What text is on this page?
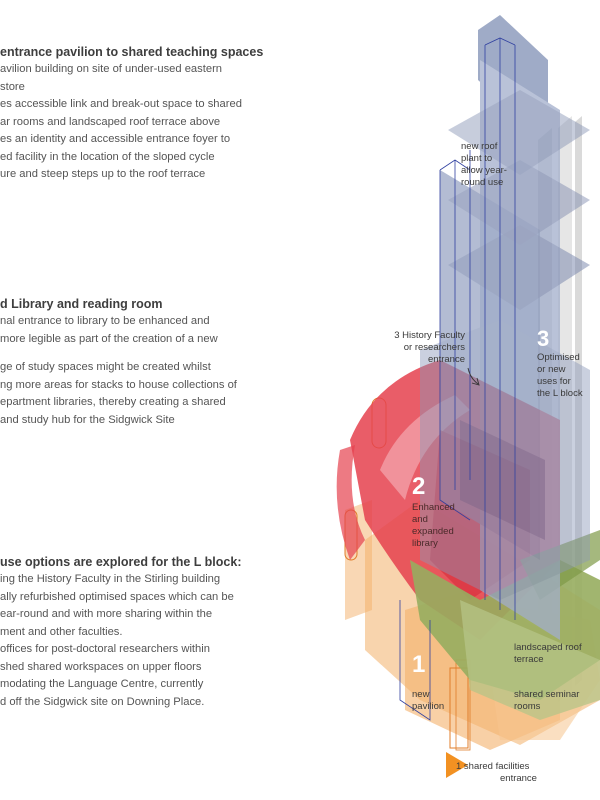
entrance pavilion to shared teaching spaces

avilion building on site of under-used eastern

store

es accessible link and break-out space to shared

ar rooms and landscaped roof terrace above

es an identity and accessible entrance foyer to

ed facility in the location of the sloped cycle

ure and steep steps up to the roof terrace

d Library and reading room

nal entrance to library to be enhanced and

more legible as part of the creation of a new

ge of study spaces might be created whilst

ng more areas for stacks to house collections of

epartment libraries, thereby creating a shared

and study hub for the Sidgwick Site

use options are explored for the L block:

ing the History Faculty in the Stirling building

ally refurbished optimised spaces which can be

ear-round and with more sharing within the

ment and other faculties.

offices for post-doctoral researchers within

shed shared workspaces on upper floors

modating the Language Centre, currently

d off the Sidgwick site on Downing Place.

new roof
plant to
allow year-
round use
3 History Faculty
or researchers
entrance
3
Optimised
or new
uses for
the L block
2
Enhanced
and
expanded
library
1
new
pavilion
landscaped roof
terrace
shared seminar
rooms
1 shared facilities
entrance
